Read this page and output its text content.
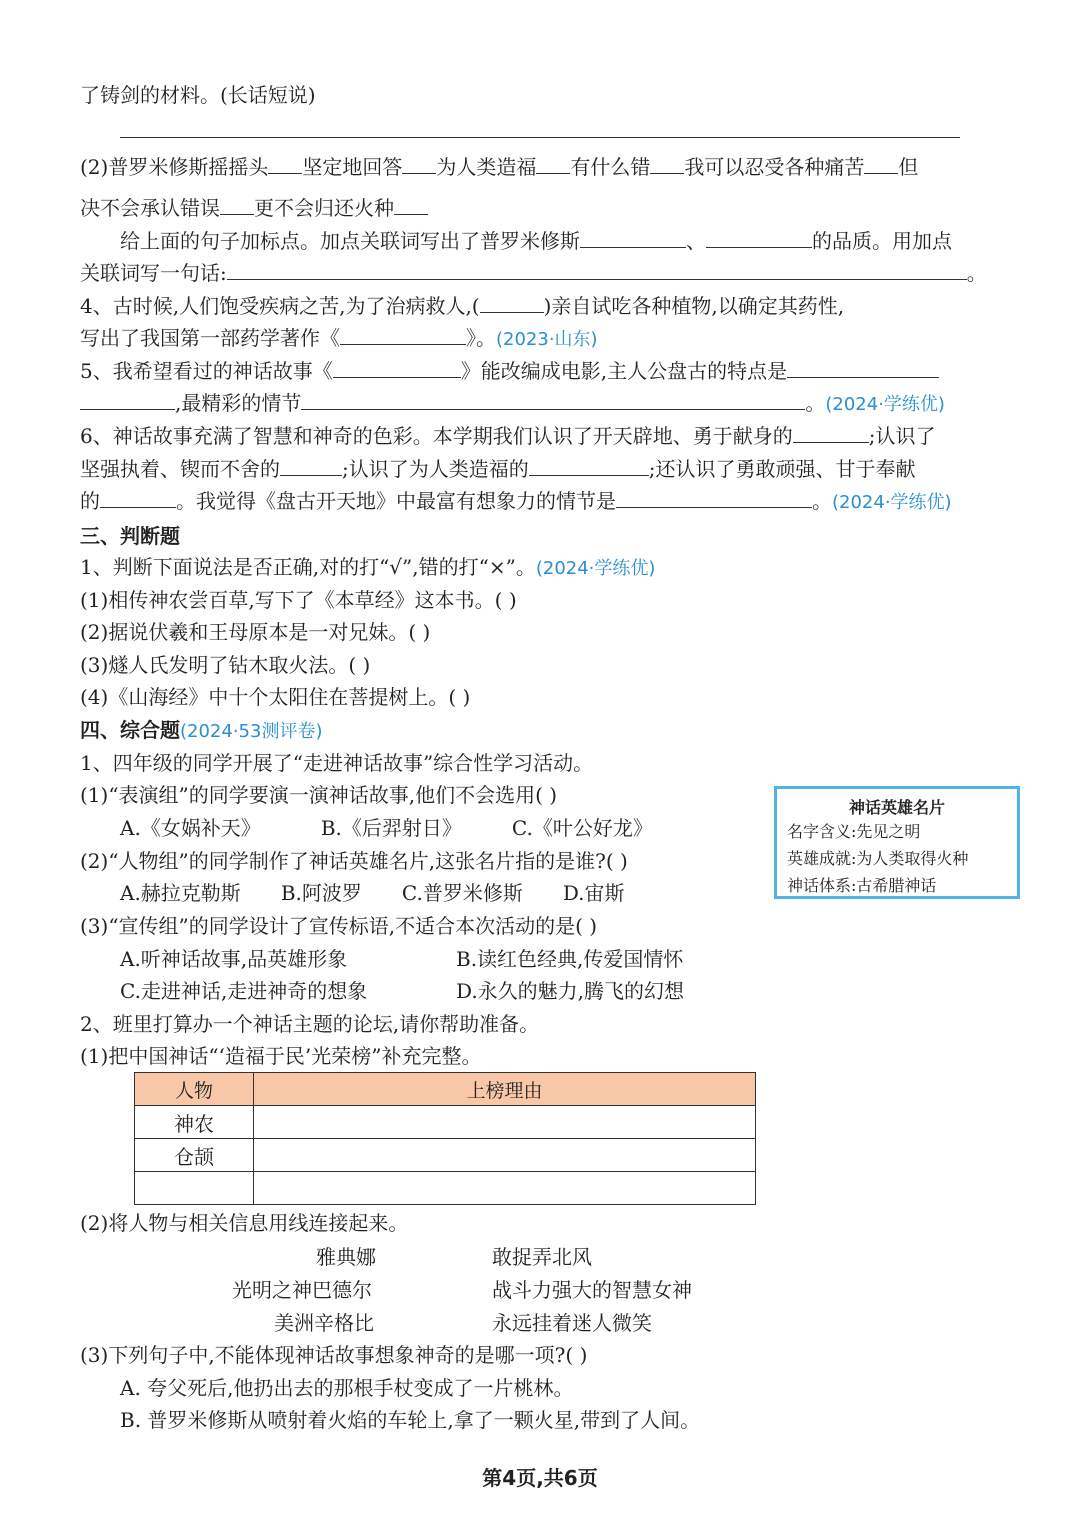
了铸剑的材料。(长话短说)
(2)普罗米修斯摇摇头 坚定地回答 为人类造福 有什么错 我可以忍受各种痛苦 但
决不会承认错误 更不会归还火种
给上面的句子加标点。加点关联词写出了普罗米修斯	、	的品质。用加点
关联词写一句话:	。
4、古时候,人们饱受疾病之苦,为了治病救人,(	)亲自试吃各种植物,以确定其药性,
写出了我国第一部药学著作《	》。(2023·山东)
5、我希望看过的神话故事《	》能改编成电影,主人公盘古的特点是
,最精彩的情节	。(2024·学练优)
6、神话故事充满了智慧和神奇的色彩。本学期我们认识了开天辟地、勇于献身的	;认识了
坚强执着、锲而不舍的	;认识了为人类造福的	;还认识了勇敢顽强、甘于奉献
的	。我觉得《盘古开天地》中最富有想象力的情节是	。(2024·学练优)
三、判断题
1、判断下面说法是否正确,对的打“√”,错的打“×”。(2024·学练优)
(1)相传神农尝百草,写下了《本草经》这本书。( )
(2)据说伏羲和王母原本是一对兄妹。( )
(3)燧人氏发明了钻木取火法。( )
(4)《山海经》中十个太阳住在菩提树上。( )
四、综合题(2024·53测评卷)
1、四年级的同学开展了“走进神话故事”综合性学习活动。
(1)“表演组”的同学要演一演神话故事,他们不会选用( )
A.《女娲补天》	B.《后羿射日》	C.《叶公好龙》
(2)“人物组”的同学制作了神话英雄名片,这张名片指的是谁?( )
A.赫拉克勒斯 B.阿波罗 C.普罗米修斯 D.宙斯
神话英雄名片
名字含义:先见之明
英雄成就:为人类取得火种
神话体系:古希腊神话
(3)“宣传组”的同学设计了宣传标语,不适合本次活动的是( )
A.听神话故事,品英雄形象	B.读红色经典,传爱国情怀
C.走进神话,走进神奇的想象	D.永久的魅力,腾飞的幻想
2、班里打算办一个神话主题的论坛,请你帮助准备。
(1)把中国神话“‘造福于民’光荣榜”补充完整。
人物	上榜理由
神农	
仓颉	

(2)将人物与相关信息用线连接起来。
雅典娜
光明之神巴德尔
美洲辛格比
敢捉弄北风
战斗力强大的智慧女神
永远挂着迷人微笑
(3)下列句子中,不能体现神话故事想象神奇的是哪一项?( )
A. 夸父死后,他扔出去的那根手杖变成了一片桃林。
B. 普罗米修斯从喷射着火焰的车轮上,拿了一颗火星,带到了人间。
第4页,共6页
